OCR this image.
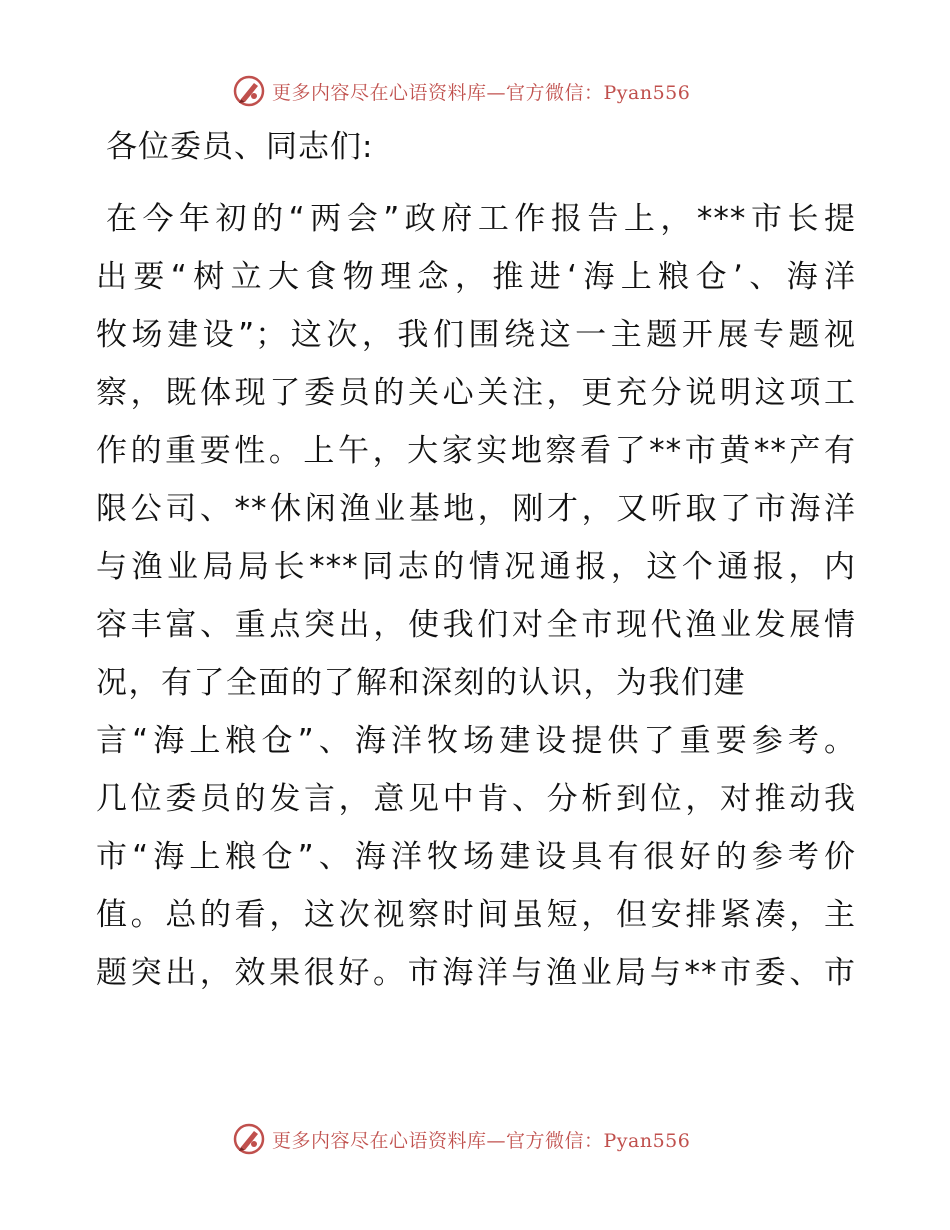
更多内容尽在心语资料库—官方微信：Pyan556
各位委员、同志们:
在今年初的“两会”政府工作报告上，***市长提
出要“树立大食物理念，推进‘海上粮仓’、海洋
牧场建设”；这次，我们围绕这一主题开展专题视
察，既体现了委员的关心关注，更充分说明这项工
作的重要性。上午，大家实地察看了**市黄**产有
限公司、**休闲渔业基地，刚才，又听取了市海洋
与渔业局局长***同志的情况通报，这个通报，内
容丰富、重点突出，使我们对全市现代渔业发展情
况，有了全面的了解和深刻的认识，为我们建
言“海上粮仓”、海洋牧场建设提供了重要参考。
几位委员的发言，意见中肯、分析到位，对推动我
市“海上粮仓”、海洋牧场建设具有很好的参考价
值。总的看，这次视察时间虽短，但安排紧凑，主
题突出，效果很好。市海洋与渔业局与**市委、市
更多内容尽在心语资料库—官方微信：Pyan556
